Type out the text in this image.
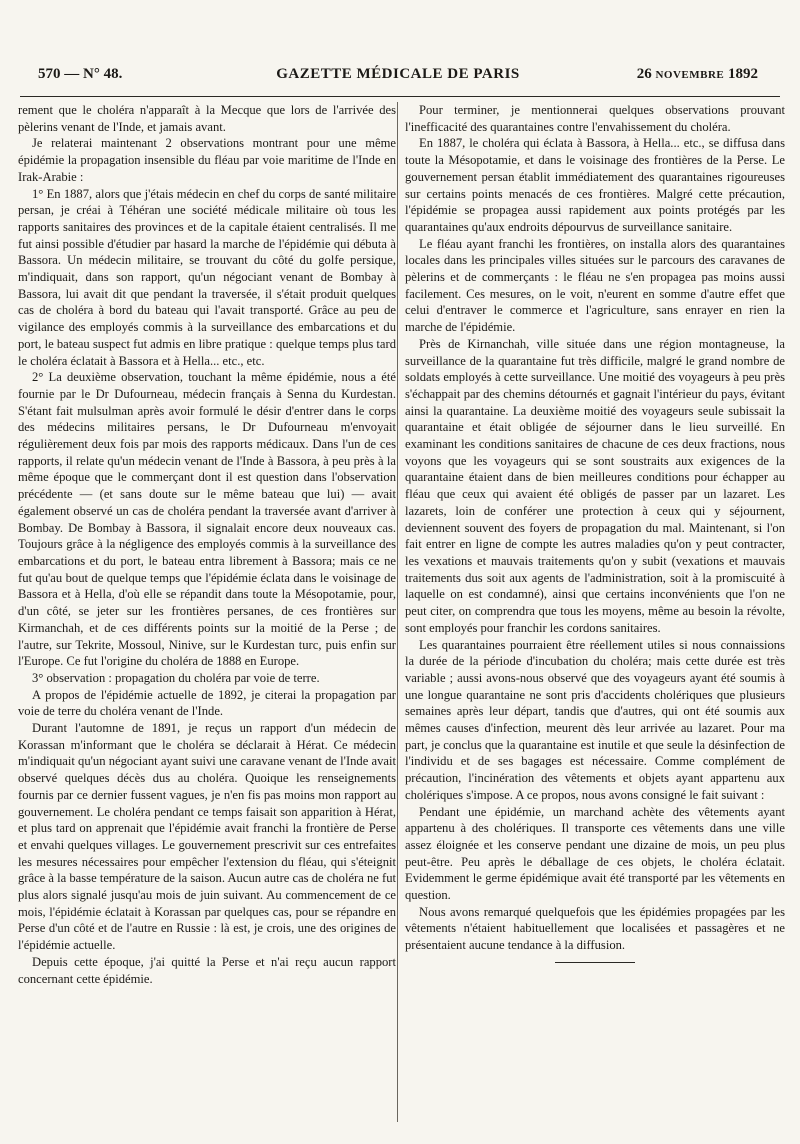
570 — N° 48.	GAZETTE MÉDICALE DE PARIS	26 NOVEMBRE 1892

rement que le choléra n'apparaît à la Mecque que lors de l'arrivée des pèlerins venant de l'Inde, et jamais avant.

Je relaterai maintenant 2 observations montrant pour une même épidémie la propagation insensible du fléau par voie maritime de l'Inde en Irak-Arabie :

1° En 1887, alors que j'étais médecin en chef du corps de santé militaire persan, je créai à Téhéran une société médicale militaire où tous les rapports sanitaires des provinces et de la capitale étaient centralisés. Il me fut ainsi possible d'étudier par hasard la marche de l'épidémie qui débuta à Bassora. Un médecin militaire, se trouvant du côté du golfe persique, m'indiquait, dans son rapport, qu'un négociant venant de Bombay à Bassora, lui avait dit que pendant la traversée, il s'était produit quelques cas de choléra à bord du bateau qui l'avait transporté. Grâce au peu de vigilance des employés commis à la surveillance des embarcations et du port, le bateau suspect fut admis en libre pratique : quelque temps plus tard le choléra éclatait à Bassora et à Hella... etc., etc.

2° La deuxième observation, touchant la même épidémie, nous a été fournie par le Dr Dufourneau, médecin français à Senna du Kurdestan. S'étant fait mulsulman après avoir formulé le désir d'entrer dans le corps des médecins militaires persans, le Dr Dufourneau m'envoyait régulièrement deux fois par mois des rapports médicaux. Dans l'un de ces rapports, il relate qu'un médecin venant de l'Inde à Bassora, à peu près à la même époque que le commerçant dont il est question dans l'observation précédente — (et sans doute sur le même bateau que lui) — avait également observé un cas de choléra pendant la traversée avant d'arriver à Bombay. De Bombay à Bassora, il signalait encore deux nouveaux cas. Toujours grâce à la négligence des employés commis à la surveillance des embarcations et du port, le bateau entra librement à Bassora; mais ce ne fut qu'au bout de quelque temps que l'épidémie éclata dans le voisinage de Bassora et à Hella, d'où elle se répandit dans toute la Mésopotamie, pour, d'un côté, se jeter sur les frontières persanes, de ces frontières sur Kirmanchah, et de ces différents points sur la moitié de la Perse ; de l'autre, sur Tekrite, Mossoul, Ninive, sur le Kurdestan turc, puis enfin sur l'Europe. Ce fut l'origine du choléra de 1888 en Europe.

3° observation : propagation du choléra par voie de terre.

A propos de l'épidémie actuelle de 1892, je citerai la propagation par voie de terre du choléra venant de l'Inde.

Durant l'automne de 1891, je reçus un rapport d'un médecin de Korassan m'informant que le choléra se déclarait à Hérat. Ce médecin m'indiquait qu'un négociant ayant suivi une caravane venant de l'Inde avait observé quelques décès dus au choléra. Quoique les renseignements fournis par ce dernier fussent vagues, je n'en fis pas moins mon rapport au gouvernement. Le choléra pendant ce temps faisait son apparition à Hérat, et plus tard on apprenait que l'épidémie avait franchi la frontière de Perse et envahi quelques villages. Le gouvernement prescrivit sur ces entrefaites les mesures nécessaires pour empêcher l'extension du fléau, qui s'éteignit grâce à la basse température de la saison. Aucun autre cas de choléra ne fut plus alors signalé jusqu'au mois de juin suivant. Au commencement de ce mois, l'épidémie éclatait à Korassan par quelques cas, pour se répandre en Perse d'un côté et de l'autre en Russie : là est, je crois, une des origines de l'épidémie actuelle.

Depuis cette époque, j'ai quitté la Perse et n'ai reçu aucun rapport concernant cette épidémie.

Pour terminer, je mentionnerai quelques observations prouvant l'inefficacité des quarantaines contre l'envahissement du choléra.

En 1887, le choléra qui éclata à Bassora, à Hella... etc., se diffusa dans toute la Mésopotamie, et dans le voisinage des frontières de la Perse. Le gouvernement persan établit immédiatement des quarantaines rigoureuses sur certains points menacés de ces frontières. Malgré cette précaution, l'épidémie se propagea aussi rapidement aux points protégés par les quarantaines qu'aux endroits dépourvus de surveillance sanitaire.

Le fléau ayant franchi les frontières, on installa alors des quarantaines locales dans les principales villes situées sur le parcours des caravanes de pèlerins et de commerçants : le fléau ne s'en propagea pas moins aussi facilement. Ces mesures, on le voit, n'eurent en somme d'autre effet que celui d'entraver le commerce et l'agriculture, sans enrayer en rien la marche de l'épidémie.

Près de Kirnanchah, ville située dans une région montagneuse, la surveillance de la quarantaine fut très difficile, malgré le grand nombre de soldats employés à cette surveillance. Une moitié des voyageurs à peu près s'échappait par des chemins détournés et gagnait l'intérieur du pays, évitant ainsi la quarantaine. La deuxième moitié des voyageurs seule subissait la quarantaine et était obligée de séjourner dans le lieu surveillé. En examinant les conditions sanitaires de chacune de ces deux fractions, nous voyons que les voyageurs qui se sont soustraits aux exigences de la quarantaine étaient dans de bien meilleures conditions pour échapper au fléau que ceux qui avaient été obligés de passer par un lazaret. Les lazarets, loin de conférer une protection à ceux qui y séjournent, deviennent souvent des foyers de propagation du mal. Maintenant, si l'on fait entrer en ligne de compte les autres maladies qu'on y peut contracter, les vexations et mauvais traitements qu'on y subit (vexations et mauvais traitements dus soit aux agents de l'administration, soit à la promiscuité à laquelle on est condamné), ainsi que certains inconvénients que l'on ne peut citer, on comprendra que tous les moyens, même au besoin la révolte, sont employés pour franchir les cordons sanitaires.

Les quarantaines pourraient être réellement utiles si nous connaissions la durée de la période d'incubation du choléra; mais cette durée est très variable ; aussi avons-nous observé que des voyageurs ayant été soumis à une longue quarantaine ne sont pris d'accidents cholériques que plusieurs semaines après leur départ, tandis que d'autres, qui ont été soumis aux mêmes causes d'infection, meurent dès leur arrivée au lazaret. Pour ma part, je conclus que la quarantaine est inutile et que seule la désinfection de l'individu et de ses bagages est nécessaire. Comme complément de précaution, l'incinération des vêtements et objets ayant appartenu aux cholériques s'impose. A ce propos, nous avons consigné le fait suivant :

Pendant une épidémie, un marchand achète des vêtements ayant appartenu à des cholériques. Il transporte ces vêtements dans une ville assez éloignée et les conserve pendant une dizaine de mois, un peu plus peut-être. Peu après le déballage de ces objets, le choléra éclatait. Evidemment le germe épidémique avait été transporté par les vêtements en question.

Nous avons remarqué quelquefois que les épidémies propagées par les vêtements n'étaient habituellement que localisées et passagères et ne présentaient aucune tendance à la diffusion.
